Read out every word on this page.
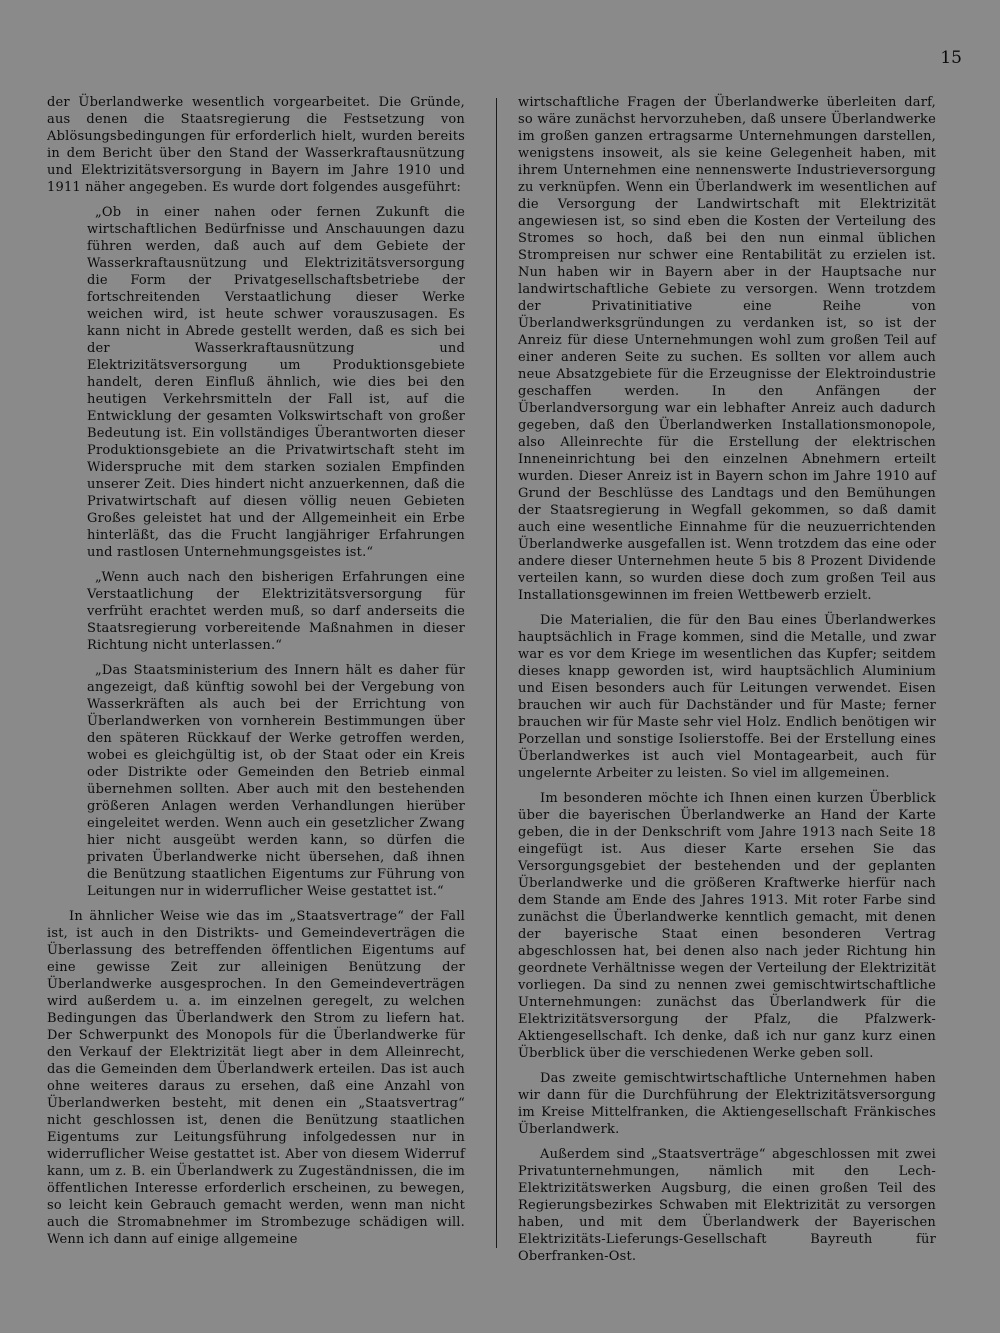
15

der Überlandwerke wesentlich vorgearbeitet. Die Gründe, aus denen die Staatsregierung die Festsetzung von Ablösungsbedingungen für erforderlich hielt, wurden bereits in dem Bericht über den Stand der Wasserkraftausnützung und Elektrizitätsversorgung in Bayern im Jahre 1910 und 1911 näher angegeben. Es wurde dort folgendes ausgeführt:

„Ob in einer nahen oder fernen Zukunft die wirtschaftlichen Bedürfnisse und Anschauungen dazu führen werden, daß auch auf dem Gebiete der Wasserkraftausnützung und Elektrizitätsversorgung die Form der Privatgesellschaftsbetriebe der fortschreitenden Verstaatlichung dieser Werke weichen wird, ist heute schwer vorauszusagen. Es kann nicht in Abrede gestellt werden, daß es sich bei der Wasserkraftausnützung und Elektrizitätsversorgung um Produktionsgebiete handelt, deren Einfluß ähnlich, wie dies bei den heutigen Verkehrsmitteln der Fall ist, auf die Entwicklung der gesamten Volkswirtschaft von großer Bedeutung ist. Ein vollständiges Überantworten dieser Produktionsgebiete an die Privatwirtschaft steht im Widerspruche mit dem starken sozialen Empfinden unserer Zeit. Dies hindert nicht anzuerkennen, daß die Privatwirtschaft auf diesen völlig neuen Gebieten Großes geleistet hat und der Allgemeinheit ein Erbe hinterläßt, das die Frucht langjähriger Erfahrungen und rastlosen Unternehmungsgeistes ist.“

„Wenn auch nach den bisherigen Erfahrungen eine Verstaatlichung der Elektrizitätsversorgung für verfrüht erachtet werden muß, so darf anderseits die Staatsregierung vorbereitende Maßnahmen in dieser Richtung nicht unterlassen.“

„Das Staatsministerium des Innern hält es daher für angezeigt, daß künftig sowohl bei der Vergebung von Wasserkräften als auch bei der Errichtung von Überlandwerken von vornherein Bestimmungen über den späteren Rückkauf der Werke getroffen werden, wobei es gleichgültig ist, ob der Staat oder ein Kreis oder Distrikte oder Gemeinden den Betrieb einmal übernehmen sollten. Aber auch mit den bestehenden größeren Anlagen werden Verhandlungen hierüber eingeleitet werden. Wenn auch ein gesetzlicher Zwang hier nicht ausgeübt werden kann, so dürfen die privaten Überlandwerke nicht übersehen, daß ihnen die Benützung staatlichen Eigentums zur Führung von Leitungen nur in widerruflicher Weise gestattet ist.“

In ähnlicher Weise wie das im „Staatsvertrage“ der Fall ist, ist auch in den Distrikts- und Gemeindeverträgen die Überlassung des betreffenden öffentlichen Eigentums auf eine gewisse Zeit zur alleinigen Benützung der Überlandwerke ausgesprochen. In den Gemeindeverträgen wird außerdem u. a. im einzelnen geregelt, zu welchen Bedingungen das Überlandwerk den Strom zu liefern hat. Der Schwerpunkt des Monopols für die Überlandwerke für den Verkauf der Elektrizität liegt aber in dem Alleinrecht, das die Gemeinden dem Überlandwerk erteilen. Das ist auch ohne weiteres daraus zu ersehen, daß eine Anzahl von Überlandwerken besteht, mit denen ein „Staatsvertrag“ nicht geschlossen ist, denen die Benützung staatlichen Eigentums zur Leitungsführung infolgedessen nur in widerruflicher Weise gestattet ist. Aber von diesem Widerruf kann, um z. B. ein Überlandwerk zu Zugeständnissen, die im öffentlichen Interesse erforderlich erscheinen, zu bewegen, so leicht kein Gebrauch gemacht werden, wenn man nicht auch die Stromabnehmer im Strombezuge schädigen will. Wenn ich dann auf einige allgemeine

wirtschaftliche Fragen der Überlandwerke überleiten darf, so wäre zunächst hervorzuheben, daß unsere Überlandwerke im großen ganzen ertragsarme Unternehmungen darstellen, wenigstens insoweit, als sie keine Gelegenheit haben, mit ihrem Unternehmen eine nennenswerte Industrieversorgung zu verknüpfen. Wenn ein Überlandwerk im wesentlichen auf die Versorgung der Landwirtschaft mit Elektrizität angewiesen ist, so sind eben die Kosten der Verteilung des Stromes so hoch, daß bei den nun einmal üblichen Strompreisen nur schwer eine Rentabilität zu erzielen ist. Nun haben wir in Bayern aber in der Hauptsache nur landwirtschaftliche Gebiete zu versorgen. Wenn trotzdem der Privatinitiative eine Reihe von Überlandwerksgründungen zu verdanken ist, so ist der Anreiz für diese Unternehmungen wohl zum großen Teil auf einer anderen Seite zu suchen. Es sollten vor allem auch neue Absatzgebiete für die Erzeugnisse der Elektroindustrie geschaffen werden. In den Anfängen der Überlandversorgung war ein lebhafter Anreiz auch dadurch gegeben, daß den Überlandwerken Installationsmonopole, also Alleinrechte für die Erstellung der elektrischen Inneneinrichtung bei den einzelnen Abnehmern erteilt wurden. Dieser Anreiz ist in Bayern schon im Jahre 1910 auf Grund der Beschlüsse des Landtags und den Bemühungen der Staatsregierung in Wegfall gekommen, so daß damit auch eine wesentliche Einnahme für die neuzuerrichtenden Überlandwerke ausgefallen ist. Wenn trotzdem das eine oder andere dieser Unternehmen heute 5 bis 8 Prozent Dividende verteilen kann, so wurden diese doch zum großen Teil aus Installationsgewinnen im freien Wettbewerb erzielt.

Die Materialien, die für den Bau eines Überlandwerkes hauptsächlich in Frage kommen, sind die Metalle, und zwar war es vor dem Kriege im wesentlichen das Kupfer; seitdem dieses knapp geworden ist, wird hauptsächlich Aluminium und Eisen besonders auch für Leitungen verwendet. Eisen brauchen wir auch für Dachständer und für Maste; ferner brauchen wir für Maste sehr viel Holz. Endlich benötigen wir Porzellan und sonstige Isolierstoffe. Bei der Erstellung eines Überlandwerkes ist auch viel Montagearbeit, auch für ungelernte Arbeiter zu leisten. So viel im allgemeinen.

Im besonderen möchte ich Ihnen einen kurzen Überblick über die bayerischen Überlandwerke an Hand der Karte geben, die in der Denkschrift vom Jahre 1913 nach Seite 18 eingefügt ist. Aus dieser Karte ersehen Sie das Versorgungsgebiet der bestehenden und der geplanten Überlandwerke und die größeren Kraftwerke hierfür nach dem Stande am Ende des Jahres 1913. Mit roter Farbe sind zunächst die Überlandwerke kenntlich gemacht, mit denen der bayerische Staat einen besonderen Vertrag abgeschlossen hat, bei denen also nach jeder Richtung hin geordnete Verhältnisse wegen der Verteilung der Elektrizität vorliegen. Da sind zu nennen zwei gemischtwirtschaftliche Unternehmungen: zunächst das Überlandwerk für die Elektrizitätsversorgung der Pfalz, die Pfalzwerk-Aktiengesellschaft. Ich denke, daß ich nur ganz kurz einen Überblick über die verschiedenen Werke geben soll.

Das zweite gemischtwirtschaftliche Unternehmen haben wir dann für die Durchführung der Elektrizitätsversorgung im Kreise Mittelfranken, die Aktiengesellschaft Fränkisches Überlandwerk.

Außerdem sind „Staatsverträge“ abgeschlossen mit zwei Privatunternehmungen, nämlich mit den Lech-Elektrizitätswerken Augsburg, die einen großen Teil des Regierungsbezirkes Schwaben mit Elektrizität zu versorgen haben, und mit dem Überlandwerk der Bayerischen Elektrizitäts-Lieferungs-Gesellschaft Bayreuth für Oberfranken-Ost.
